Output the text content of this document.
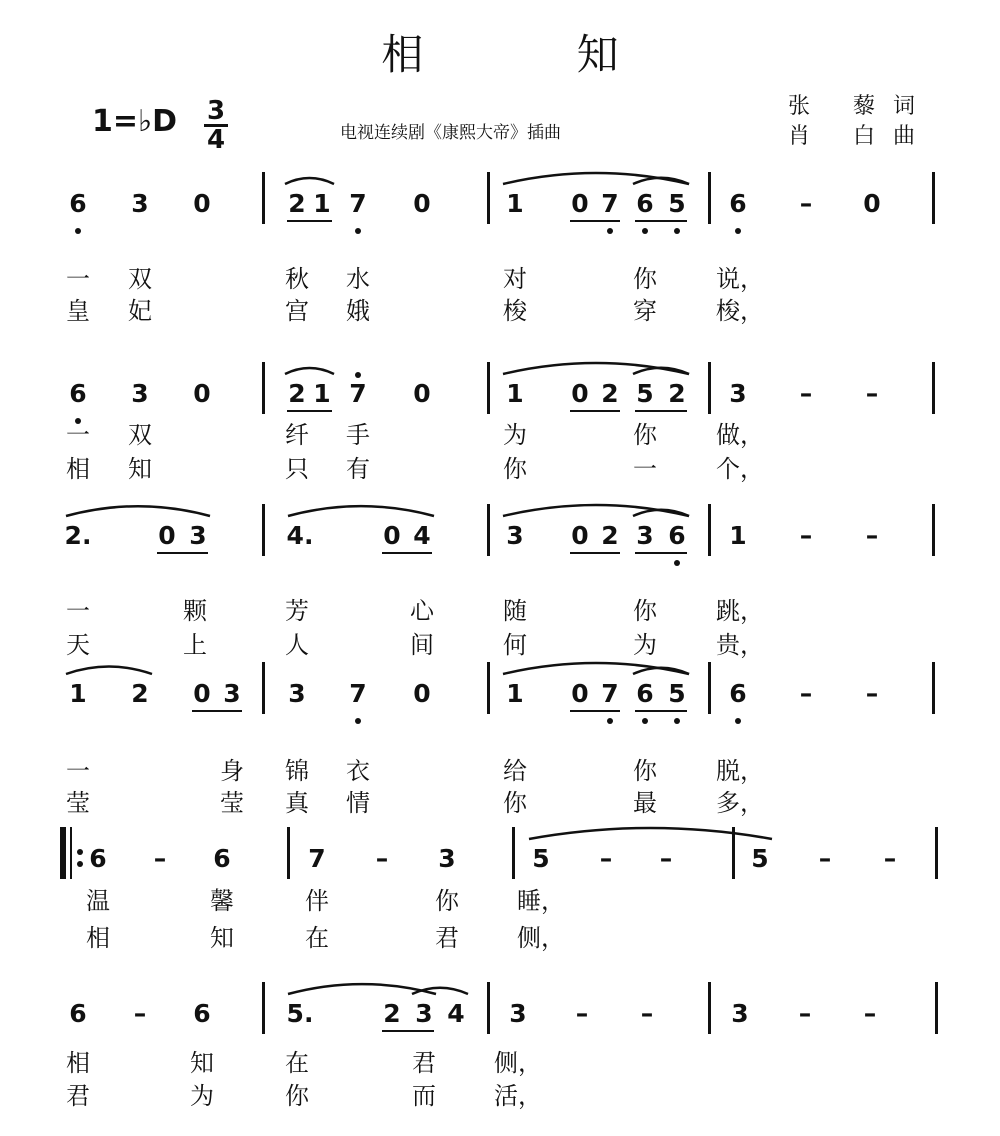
相 知
1=♭D 3
4	电视连续剧《康熙大帝》插曲
张 藜词
肖 白曲
6 3 0	2 1 7 0	1 0 7 6 5 6 – 0
一 双	秋 水	对	你 说，
皇 妃	宫 娥	梭	穿 梭，
6 3 0	2 1 7 0	1 0 2 5 2 3 – –
一 双	纤 手	为	你 做，
相 知	只 有	你	一 个，
2.	0 3	4.	0 4	3 0 2 3 6 1 – –
一	颗	芳	心	随	你 跳，
天	上	人	间	何	为 贵，
1 2 0 3 3 7 0	1 0 7 6 5 6 – –
一	身 锦 衣	给	你 脱，
莹	莹 真 情	你	最 多，
6 – 6	7 – 3	5 – –	5 – –
温	馨	伴	你 睡，
相	知	在	君 侧，
6 – 6	5.	2 3 4 3 – –	3 – –
相	知	在	君 侧，
君	为	你	而 活，
